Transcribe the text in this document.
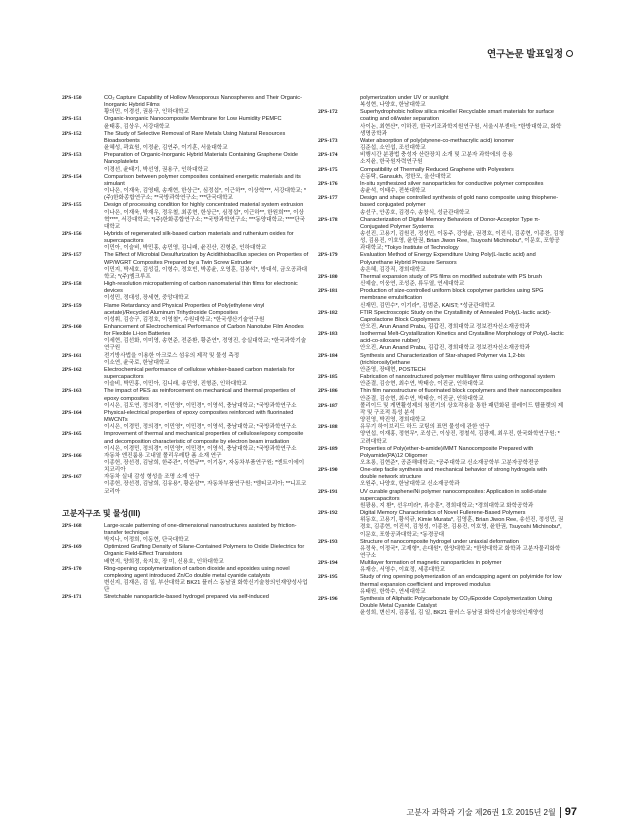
연구논문 발표일정
2PS-150	CO₂ Capture Capability of Hollow Mesoporous Nanospheres and Their Organic-Inorganic Hybrid Films
황의민, 이경선, 권용구, 인하대학교
2PS-151	Organic-Inorganic Nanocomposite Membrane for Low Humidity PEMFC
윤태홍, 김상우, 서강대학교
2PS-152	The Study of Selective Removal of Rare Metals Using Natural Resources Bioadsorbents
윤혜성, 곽효원, 이정윤, 김연주, 이기훈, 서울대학교
2PS-153	Preparation of Organic-Inorganic Hybrid Materials Containing Graphene Oxide Nanoplatelets
이경선, 윤태기, 박선영, 권용구, 인하대학교
2PS-154	Comparison between polymer composites contained energetic materials and its simulant
이나은, 이재욱, 김영태, 송재현, 한상근*, 심정섭*, 이근하**, 이상혁***, 서강대학교; *(주)한화종합연구소; **국방과학연구소; ***단국대학교
2PS-155	Design of processing condition for highly concentrated material system extrusion
이나은, 이재욱, 박재우, 정우철, 최종현, 한상근*, 심정섭*, 이근하**, 한원희***, 이상혁****, 서강대학교; *(주)한화종합연구소; **국방과학연구소; ***동양대학교; ****단국대학교
2PS-156	Hybrids of regenerated silk-based carbon materials and ruthenium oxides for supercapacitors
이민아, 이슬비, 박민홍, 송민영, 김니래, 윤진산, 진형준, 인하대학교
2PS-157	The Effect of Microbial Desulfurization by Acidithiobacillus species on Properties of WP/WGRT Composites Prepared by a Twin Screw Extruder
이민지, 박세호, 김성길, 이형수, 정호빈, 박종윤, 오영훈, 김봉석*, 방대석, 금오공과대학교; *(주)엠크루프
2PS-158	High-resolution micropatterning of carbon nanomaterial thin films for electronic devices
이성민, 정대성, 장세현, 중앙대학교
2PS-159	Flame Retardancy and Physical Properties of Poly(ethylene vinyl acetate)/Recycled Aluminum Trihydroxide Composites
이성휘, 김승구, 김정호, 이영철*, 수원대학교; *한국생산기술연구원
2PS-160	Enhancement of Electrochemical Performance of Carbon Nanotube Film Anodes for Flexible Li-ion Batteries
이세현, 김선화, 이미영, 송현준, 전준환, 황준연*, 정영진, 숭실대학교; *한국과학기술연구원
2PS-161	전기방사법을 이용한 아크로스 섬유의 제작 및 물성 측정
이소연, 윤국로, 한남대학교
2PS-162	Electrochemical performance of cellulose whisker-based carbon materials for supercapacitors
이슬비, 박민홍, 이민아, 김니래, 송민영, 진형준, 인하대학교
2PS-163	The impact of PES as reinforcement on mechanical and thermal properties of epoxy composites
이시은, 김도연, 정의경*, 이민영*, 이민경*, 이영석, 충남대학교; *국방과학연구소
2PS-164	Physical-electrical properties of epoxy composites reinforced with fluorinated MWCNTs
이시은, 이경민, 정의경*, 이민영*, 이민경*, 이영석, 충남대학교; *국방과학연구소
2PS-165	Improvement of thermal and mechanical properties of cellulose/epoxy composite and decomposition characteristic of composite by electron beam irradiation
이시은, 이경민, 정의경*, 이민영*, 이민경*, 이영석, 충남대학교; *국방과학연구소
2PS-166	자동차 엔진룸용 고내열 폴리우레탄 폼 소재 연구
이종헌, 장선경, 김남희, 한주관*, 이현규**, 이기동*, 자동차부품연구원; *엔트이에이치코리아
2PS-167	자동차 실내 감성 형성을 조명 소재 연구
이종헌, 장선경, 김남희, 김유용*, 황운삼**, 자동차부품연구원; *엠티코리아; **니프코코리아
고분자구조 및 물성(III)
2PS-168	Large-scale patterning of one-dimensional nanostructures assisted by friction-transfer technique
박지나, 이정희, 이동현, 단국대학교
2PS-169	Optimized Grafting Density of Silane-Contained Polymers to Oxide Dielectrics for Organic Field-Effect Transistors
배현지, 양희정, 육지호, 장 미, 신용호, 인하대학교
2PS-170	Ring-opening copolymerization of carbon dioxide and epoxides using novel complexing agent introduced Zn/Co double metal cyanide catalysts
변신지, 김재은, 김 일, 부산대학교 BK21 플러스 동남권 화학신기술창의인재양성사업단
2PS-171	Stretchable nanoparticle-based hydrogel prepared via self-induced
polymerization under UV or sunlight
복성현, 나양호, 한남대학교
2PS-172	Superhydrophobic hollow silica micelle/ Recyclable smart materials for surface coating and oil/water separation
사이논, 최현산*, 이하진, 한국키조과학지원연구원, 서울시부센터; *한방대학교, 화학생명공학과
2PS-173	Water absorption of poly(styrene-co-methacrylic acid) ionomer
김준섭, 소인섭, 조선대학교
2PS-174	비행시간 분광법 충성자 산란장치 소개 및 고분자 과학에의 응용
소지윤, 한국원자력연구원
2PS-175	Compatibility of Thermally Reduced Graphene with Polyesters
손동탁, Gansukh, 정한모, 울산대학교
2PS-176	In-situ synthesized silver nanoparticles for conductive polymer composites
송윤석, 이태수, 전북대학교
2PS-177	Design and shape controlled synthesis of gold nano composite using thiophene-based conjugated polymer
송선구, 안종호, 김경수, 송창식, 성균관대학교
2PS-178	Characterization of Digital Memory Behaviors of Donor-Acceptor Type π-Conjugated Polymer Systems
송선진, 고용기, 김원진, 정성민, 이동주, 강영윤, 권경호, 이진식, 김종현, 이종찬, 김청성, 김용진, 이호영, 윤한권, Brian Jiwon Ree, Tsuyoshi Michinobu*, 이문호, 포항공과대학교; *Tokyo Institute of Technology
2PS-179	Evaluation Method of Energy Expenditure Using Poly(L-lactic acid) and Polyurethane Hybrid Pressure Sensors
송은혜, 김강직, 경희대학교
2PS-180	Thermal expansion study of PS films on modified substrate with PS brush
신예슬, 이웅연, 조성준, 류두열, 연세대학교
2PS-181	Production of size-controlled uniform block copolymer particles using SPG membrane emulsification
신재민, 김민수*, 이기라*, 김범준, KAIST; *성균관대학교
2PS-182	FTIR Spectroscopic Study on the Crystallinity of Annealed Poly(L-lactic acid)-Caprolactone Block Copolymers
안오진, Arun Anand Prabu, 김갑진, 경희대학교 정보전자신소재공학과
2PS-183	Isothermal Melt-Crystallization Kinetics and Crystalline Morphology of Poly(L-lactic acid-co-siloxane rubber)
안오진, Arun Anand Prabu, 김갑진, 경희대학교 정보전자신소재공학과
2PS-184	Synthesis and Characterization of Star-shaped Polymer via 1,2-bis (trichlorosilyl)ethane
안준영, 장태현, POSTECH
2PS-185	Fabrication of nanostructured polymer multilayer films using orthogonal system
안준결, 김승현, 최수연, 박태승, 이진균, 인하대학교
2PS-186	Thin film nanostructure of fluorinated block copolymers and their nanocomposites
안준결, 김승현, 최수연, 박태승, 이진균, 인하대학교
2PS-187	폴리이드 및 게면활성제의 첨전기의 상호작용을 통한 패턴화된 콜레이드 템플렛의 제작 및 구조적 특성 분석
양진영, 박진영, 경희대학교
2PS-188	유무기 하이브리드 하드 코팅의 표면 물성에 관한 연구
양연섭, 이재홍, 정현무*, 조성근, 이상진, 정철석, 김광제, 최우진, 한국화학연구원; *고려대학교
2PS-189	Properties of Poly(ether-b-amide)/MMT Nanocomposite Prepared with Polyamide(PA)12 Oligomer
오초롱, 김현준*, 공준해대학교; *공주대학교 신소재공학부 고분자공학전공
2PS-190	One-step facile synthesis and mechanical behavior of strong hydrogels with double network structure
오원주, 나양호, 한남대학교 신소재공학과
2PS-191	UV curable graphene/Ni polymer nanocomposites: Application in solid-state supercapacitors
원광용, 지 환*, 선우미라*, 류승훈*, 경희대학교; *경희대학교 화학공학과
2PS-192	Digital Memory Characteristics of Novel Fullerene-Based Polymers
위동호, 고용기, 황석규, Kimie Murata*, 김영훈, Brian Jiwon Ree, 송선진, 정성민, 권경호, 김종현, 이진석, 김청성, 이종찬, 김용진, 이호영, 윤한권, Tsuyoshi Michinobu*, 이문호, 포항공과대학교; *동경공대
2PS-193	Structure of nanocomposite hydrogel under uniaxial deformation
유정욱, 이정국*, 고재형*, 손대원*, 한양대학교; *한양대학교 화학과 고분자물리화학연구소
2PS-194	Multilayer formation of magnetic nanoparticles in polymer
유재승, 서영수, 이효정, 세종대학교
2PS-195	Study of ring opening polymerization of an endcapping agent on polyimide for low thermal expansion coefficient and improved modulus
유태원, 한학수, 연세대학교
2PS-196	Synthesis of Aliphatic Polycarbonate by CO₂/Epoxide Copolymerization Using Double Metal Cyanide Catalyst
윤성희, 변신지, 김홍일, 김 일, BK21 플러스 동남권 화학신기술창의인재양성
고분자 과학과 기술 제26권 1호 2015년 2월 97
